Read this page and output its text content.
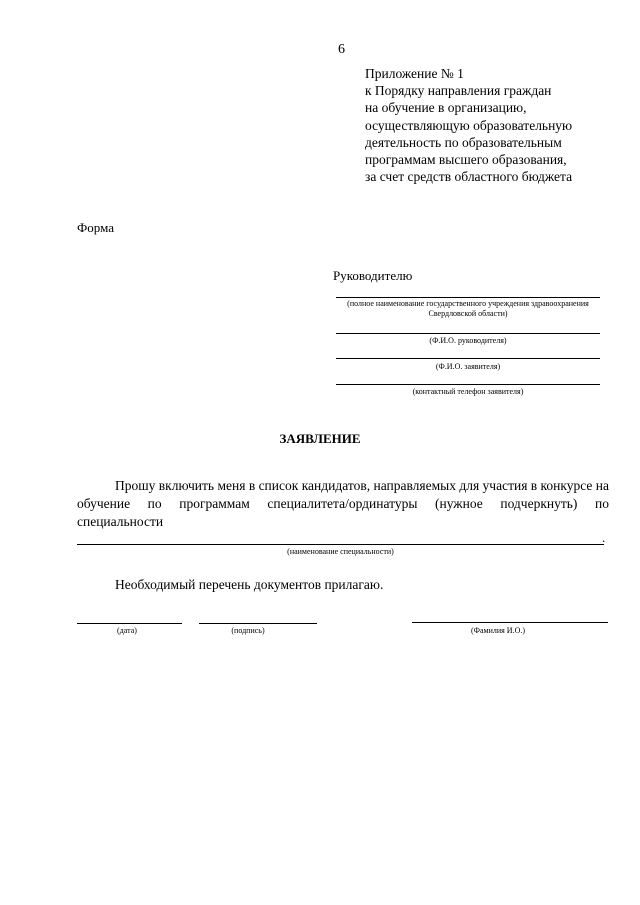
6
Приложение № 1
к Порядку направления граждан
на обучение в организацию,
осуществляющую образовательную
деятельность по образовательным
программам высшего образования,
за счет средств областного бюджета
Форма
Руководителю
(полное наименование государственного учреждения здравоохранения
Свердловской области)
(Ф.И.О. руководителя)
(Ф.И.О. заявителя)
(контактный телефон заявителя)
ЗАЯВЛЕНИЕ
Прошу включить меня в список кандидатов, направляемых для участия в конкурсе на обучение по программам специалитета/ординатуры (нужное подчеркнуть) по специальности
.
(наименование специальности)
Необходимый перечень документов прилагаю.
(дата)	(подпись)	(Фамилия И.О.)
